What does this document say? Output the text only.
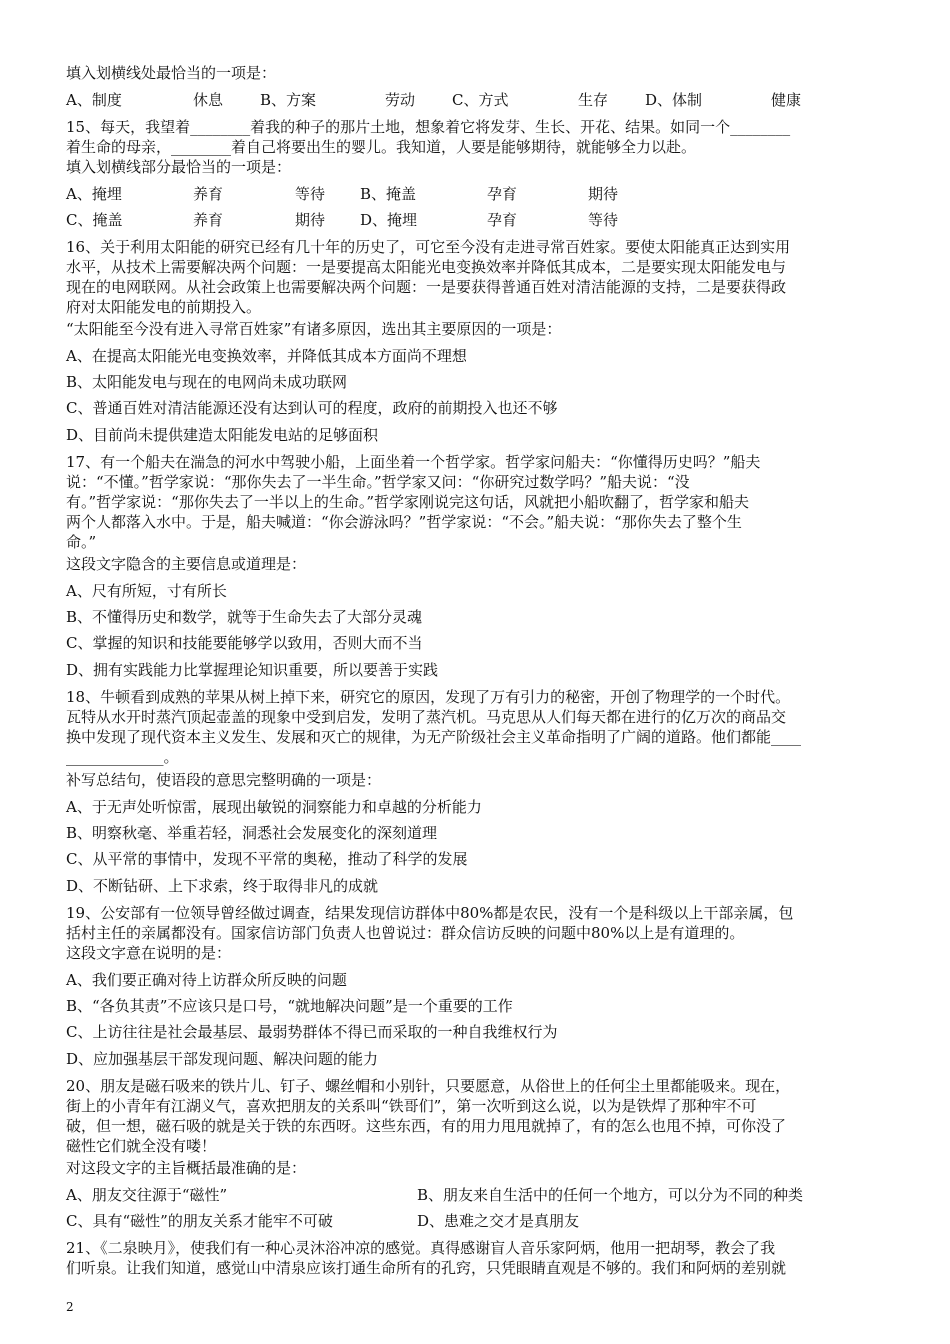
填入划横线处最恰当的一项是：
A、制度	休息 B、方案	劳动 C、方式	生存 D、体制	健康
15、每天，我望着________着我的种子的那片土地，想象着它将发芽、生长、开花、结果。如同一个________
着生命的母亲，________着自己将要出生的婴儿。我知道，人要是能够期待，就能够全力以赴。
填入划横线部分最恰当的一项是：
A、掩埋	养育	等待 B、掩盖	孕育	期待
C、掩盖	养育	期待 D、掩埋	孕育	等待
16、关于利用太阳能的研究已经有几十年的历史了，可它至今没有走进寻常百姓家。要使太阳能真正达到实用
水平，从技术上需要解决两个问题：一是要提高太阳能光电变换效率并降低其成本，二是要实现太阳能发电与
现在的电网联网。从社会政策上也需要解决两个问题：一是要获得普通百姓对清洁能源的支持，二是要获得政
府对太阳能发电的前期投入。
“太阳能至今没有进入寻常百姓家”有诸多原因，选出其主要原因的一项是：
A、在提高太阳能光电变换效率，并降低其成本方面尚不理想
B、太阳能发电与现在的电网尚未成功联网
C、普通百姓对清洁能源还没有达到认可的程度，政府的前期投入也还不够
D、目前尚未提供建造太阳能发电站的足够面积
17、有一个船夫在湍急的河水中驾驶小船，上面坐着一个哲学家。哲学家问船夫：“你懂得历史吗？”船夫
说：“不懂。”哲学家说：“那你失去了一半生命。”哲学家又问：“你研究过数学吗？”船夫说：“没
有。”哲学家说：“那你失去了一半以上的生命。”哲学家刚说完这句话，风就把小船吹翻了，哲学家和船夫
两个人都落入水中。于是，船夫喊道：“你会游泳吗？”哲学家说：“不会。”船夫说：“那你失去了整个生
命。”
这段文字隐含的主要信息或道理是：
A、尺有所短，寸有所长
B、不懂得历史和数学，就等于生命失去了大部分灵魂
C、掌握的知识和技能要能够学以致用，否则大而不当
D、拥有实践能力比掌握理论知识重要，所以要善于实践
18、牛顿看到成熟的苹果从树上掉下来，研究它的原因，发现了万有引力的秘密，开创了物理学的一个时代。
瓦特从水开时蒸汽顶起壶盖的现象中受到启发，发明了蒸汽机。马克思从人们每天都在进行的亿万次的商品交
换中发现了现代资本主义发生、发展和灭亡的规律，为无产阶级社会主义革命指明了广阔的道路。他们都能____
_____________。
补写总结句，使语段的意思完整明确的一项是：
A、于无声处听惊雷，展现出敏锐的洞察能力和卓越的分析能力
B、明察秋毫、举重若轻，洞悉社会发展变化的深刻道理
C、从平常的事情中，发现不平常的奥秘，推动了科学的发展
D、不断钻研、上下求索，终于取得非凡的成就
19、公安部有一位领导曾经做过调查，结果发现信访群体中80%都是农民，没有一个是科级以上干部亲属，包
括村主任的亲属都没有。国家信访部门负责人也曾说过：群众信访反映的问题中80%以上是有道理的。
这段文字意在说明的是：
A、我们要正确对待上访群众所反映的问题
B、“各负其责”不应该只是口号，“就地解决问题”是一个重要的工作
C、上访往往是社会最基层、最弱势群体不得已而采取的一种自我维权行为
D、应加强基层干部发现问题、解决问题的能力
20、朋友是磁石吸来的铁片儿、钉子、螺丝帽和小别针，只要愿意，从俗世上的任何尘土里都能吸来。现在，
街上的小青年有江湖义气，喜欢把朋友的关系叫“铁哥们”，第一次听到这么说，以为是铁焊了那种牢不可
破，但一想，磁石吸的就是关于铁的东西呀。这些东西，有的用力甩甩就掉了，有的怎么也甩不掉，可你没了
磁性它们就全没有喽！
对这段文字的主旨概括最准确的是：
A、朋友交往源于“磁性”	B、朋友来自生活中的任何一个地方，可以分为不同的种类
C、具有“磁性”的朋友关系才能牢不可破	D、患难之交才是真朋友
21、《二泉映月》，使我们有一种心灵沐浴冲凉的感觉。真得感谢盲人音乐家阿炳，他用一把胡琴，教会了我
们听泉。让我们知道，感觉山中清泉应该打通生命所有的孔窍，只凭眼睛直观是不够的。我们和阿炳的差别就
2
